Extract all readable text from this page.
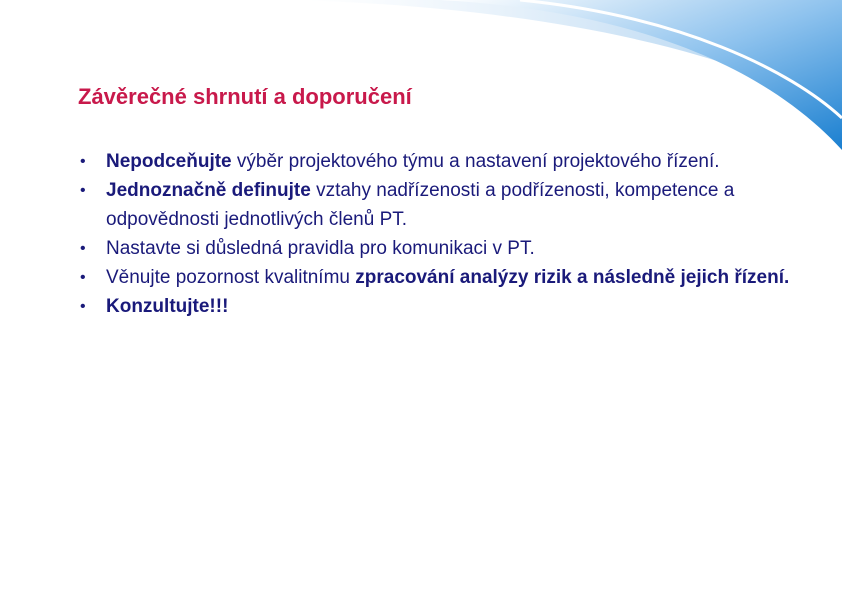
Závěrečné shrnutí a doporučení
• Nepodceňujte výběr projektového týmu a nastavení projektového řízení.
• Jednoznačně definujte vztahy nadřízenosti a podřízenosti, kompetence a odpovědnosti jednotlivých členů PT.
• Nastavte si důsledná pravidla pro komunikaci v PT.
• Věnujte pozornost kvalitnímu zpracování analýzy rizik a následně jejich řízení.
• Konzultujte!!!
